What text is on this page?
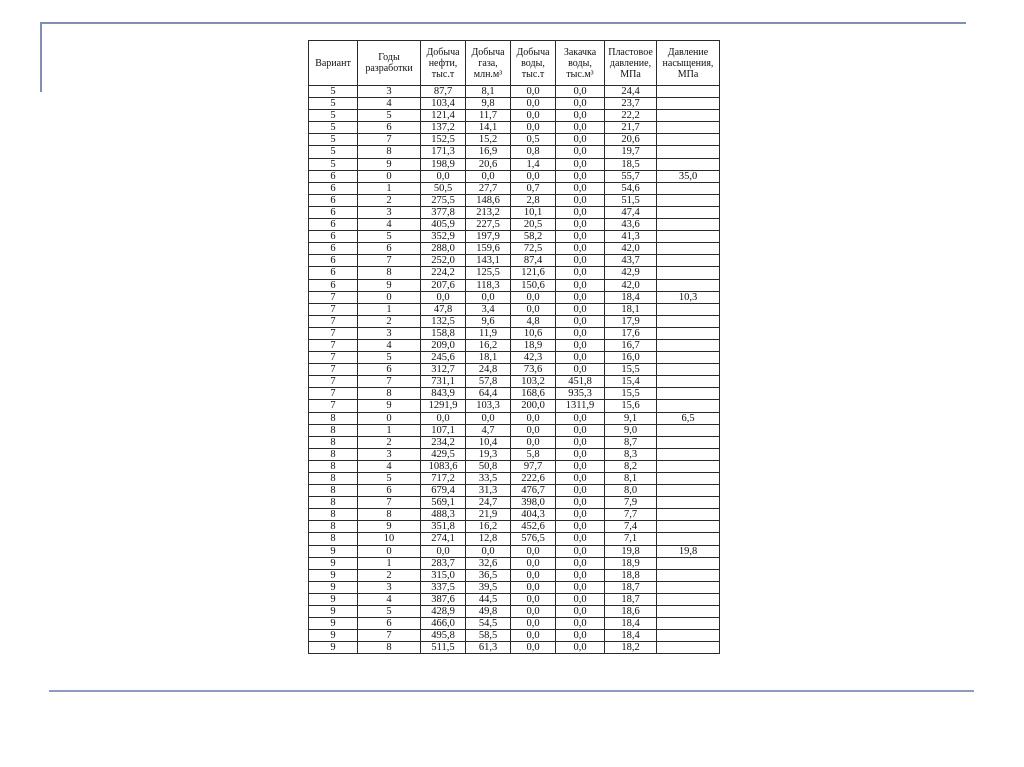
Вариант	Годы разработки	Добыча нефти, тыс.т	Добыча газа, млн.м³	Добыча воды, тыс.т	Закачка воды, тыс.м³	Пластовое давление, МПа	Давление насыщения, МПа
5	3	87,7	8,1	0,0	0,0	24,4	
5	4	103,4	9,8	0,0	0,0	23,7	
5	5	121,4	11,7	0,0	0,0	22,2	
5	6	137,2	14,1	0,0	0,0	21,7	
5	7	152,5	15,2	0,5	0,0	20,6	
5	8	171,3	16,9	0,8	0,0	19,7	
5	9	198,9	20,6	1,4	0,0	18,5	
6	0	0,0	0,0	0,0	0,0	55,7	35,0
6	1	50,5	27,7	0,7	0,0	54,6	
6	2	275,5	148,6	2,8	0,0	51,5	
6	3	377,8	213,2	10,1	0,0	47,4	
6	4	405,9	227,5	20,5	0,0	43,6	
6	5	352,9	197,9	58,2	0,0	41,3	
6	6	288,0	159,6	72,5	0,0	42,0	
6	7	252,0	143,1	87,4	0,0	43,7	
6	8	224,2	125,5	121,6	0,0	42,9	
6	9	207,6	118,3	150,6	0,0	42,0	
7	0	0,0	0,0	0,0	0,0	18,4	10,3
7	1	47,8	3,4	0,0	0,0	18,1	
7	2	132,5	9,6	4,8	0,0	17,9	
7	3	158,8	11,9	10,6	0,0	17,6	
7	4	209,0	16,2	18,9	0,0	16,7	
7	5	245,6	18,1	42,3	0,0	16,0	
7	6	312,7	24,8	73,6	0,0	15,5	
7	7	731,1	57,8	103,2	451,8	15,4	
7	8	843,9	64,4	168,6	935,3	15,5	
7	9	1291,9	103,3	200,0	1311,9	15,6	
8	0	0,0	0,0	0,0	0,0	9,1	6,5
8	1	107,1	4,7	0,0	0,0	9,0	
8	2	234,2	10,4	0,0	0,0	8,7	
8	3	429,5	19,3	5,8	0,0	8,3	
8	4	1083,6	50,8	97,7	0,0	8,2	
8	5	717,2	33,5	222,6	0,0	8,1	
8	6	679,4	31,3	476,7	0,0	8,0	
8	7	569,1	24,7	398,0	0,0	7,9	
8	8	488,3	21,9	404,3	0,0	7,7	
8	9	351,8	16,2	452,6	0,0	7,4	
8	10	274,1	12,8	576,5	0,0	7,1	
9	0	0,0	0,0	0,0	0,0	19,8	19,8
9	1	283,7	32,6	0,0	0,0	18,9	
9	2	315,0	36,5	0,0	0,0	18,8	
9	3	337,5	39,5	0,0	0,0	18,7	
9	4	387,6	44,5	0,0	0,0	18,7	
9	5	428,9	49,8	0,0	0,0	18,6	
9	6	466,0	54,5	0,0	0,0	18,4	
9	7	495,8	58,5	0,0	0,0	18,4	
9	8	511,5	61,3	0,0	0,0	18,2	
